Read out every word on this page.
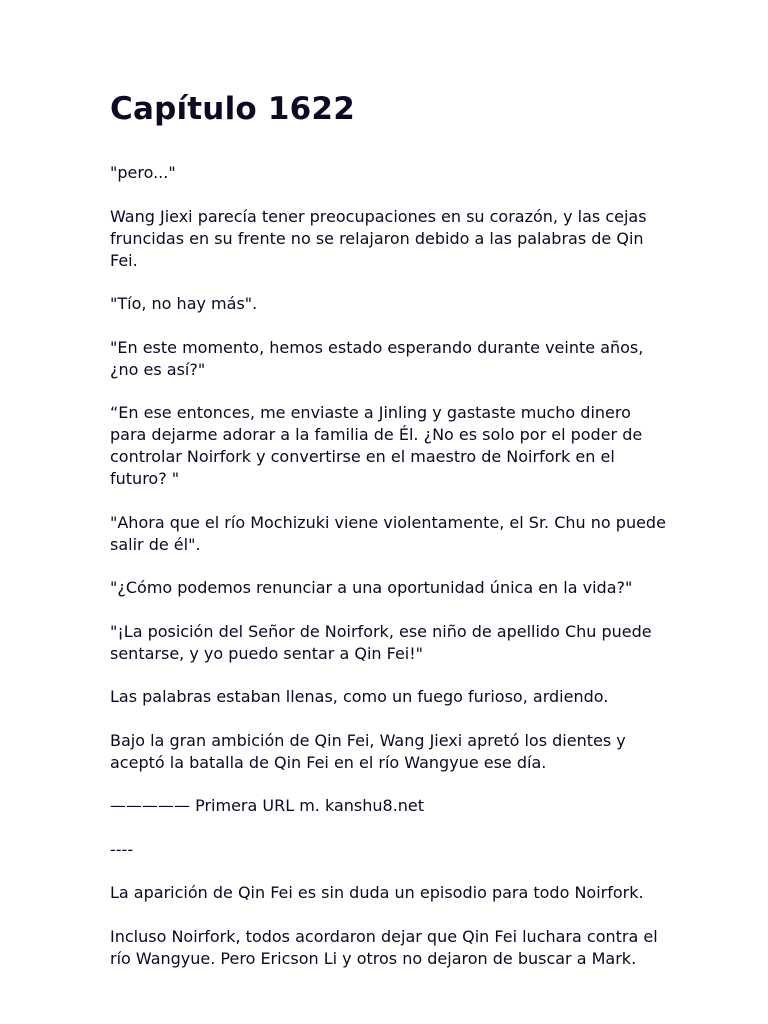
Capítulo 1622

"pero..."

Wang Jiexi parecía tener preocupaciones en su corazón, y las cejas fruncidas en su frente no se relajaron debido a las palabras de Qin Fei.

"Tío, no hay más".

"En este momento, hemos estado esperando durante veinte años, ¿no es así?"

“En ese entonces, me enviaste a Jinling y gastaste mucho dinero para dejarme adorar a la familia de Él. ¿No es solo por el poder de controlar Noirfork y convertirse en el maestro de Noirfork en el futuro? "

"Ahora que el río Mochizuki viene violentamente, el Sr. Chu no puede salir de él".

"¿Cómo podemos renunciar a una oportunidad única en la vida?"

"¡La posición del Señor de Noirfork, ese niño de apellido Chu puede sentarse, y yo puedo sentar a Qin Fei!"

Las palabras estaban llenas, como un fuego furioso, ardiendo.

Bajo la gran ambición de Qin Fei, Wang Jiexi apretó los dientes y aceptó la batalla de Qin Fei en el río Wangyue ese día.

————— Primera URL m. kanshu8.net

----

La aparición de Qin Fei es sin duda un episodio para todo Noirfork.

Incluso Noirfork, todos acordaron dejar que Qin Fei luchara contra el río Wangyue. Pero Ericson Li y otros no dejaron de buscar a Mark.
